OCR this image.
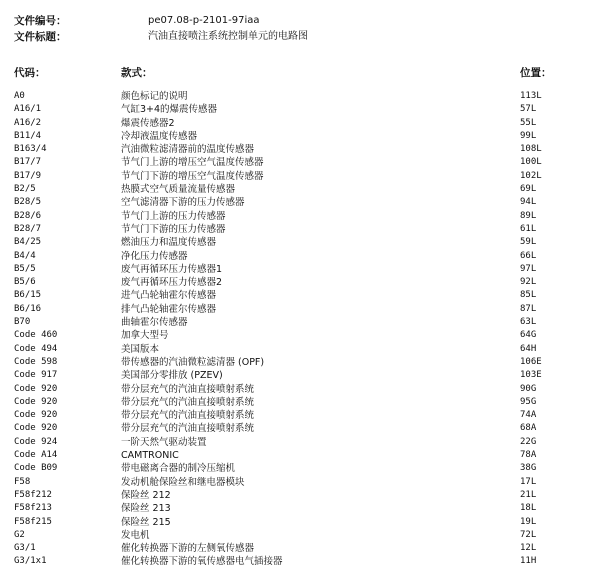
文件编号：	pe07.08-p-2101-97iaa
文件标题：	汽油直接喷注系统控制单元的电路图
代码：	款式：	位置：
A0	颜色标记的说明	113L
A16/1	气缸3+4的爆震传感器	57L
A16/2	爆震传感器2	55L
B11/4	冷却液温度传感器	99L
B163/4	汽油微粒滤清器前的温度传感器	108L
B17/7	节气门上游的增压空气温度传感器	100L
B17/9	节气门下游的增压空气温度传感器	102L
B2/5	热膜式空气质量流量传感器	69L
B28/5	空气滤清器下游的压力传感器	94L
B28/6	节气门上游的压力传感器	89L
B28/7	节气门下游的压力传感器	61L
B4/25	燃油压力和温度传感器	59L
B4/4	净化压力传感器	66L
B5/5	废气再循环压力传感器1	97L
B5/6	废气再循环压力传感器2	92L
B6/15	进气凸轮轴霍尔传感器	85L
B6/16	排气凸轮轴霍尔传感器	87L
B70	曲轴霍尔传感器	63L
Code 460	加拿大型号	64G
Code 494	美国版本	64H
Code 598	带传感器的汽油微粒滤清器 (OPF)	106E
Code 917	美国部分零排放 (PZEV)	103E
Code 920	带分层充气的汽油直接喷射系统	90G
Code 920	带分层充气的汽油直接喷射系统	95G
Code 920	带分层充气的汽油直接喷射系统	74A
Code 920	带分层充气的汽油直接喷射系统	68A
Code 924	一阶天然气驱动装置	22G
Code A14	CAMTRONIC	78A
Code B09	带电磁离合器的制冷压缩机	38G
F58	发动机舱保险丝和继电器模块	17L
F58f212	保险丝 212	21L
F58f213	保险丝 213	18L
F58f215	保险丝 215	19L
G2	发电机	72L
G3/1	催化转换器下游的左侧氧传感器	12L
G3/1x1	催化转换器下游的氧传感器电气插接器	11H
